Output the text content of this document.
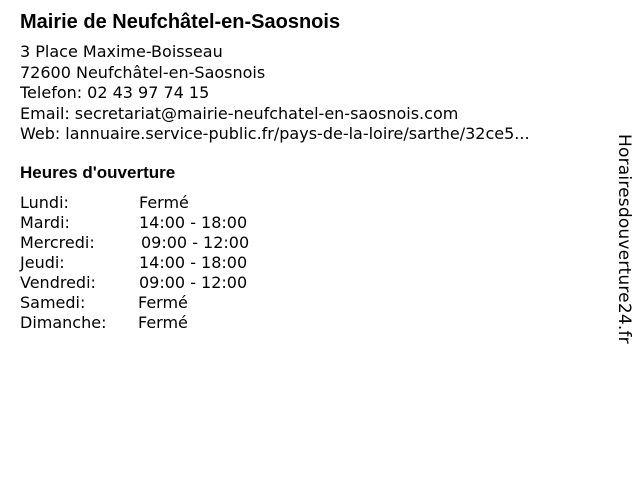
Mairie de Neufchâtel-en-Saosnois
3 Place Maxime-Boisseau
72600 Neufchâtel-en-Saosnois
Telefon: 02 43 97 74 15
Email: secretariat@mairie-neufchatel-en-saosnois.com
Web: lannuaire.service-public.fr/pays-de-la-loire/sarthe/32ce5...
Heures d'ouverture
Lundi:	Fermé
Mardi:	14:00 - 18:00
Mercredi:	09:00 - 12:00
Jeudi:	14:00 - 18:00
Vendredi:	09:00 - 12:00
Samedi:	Fermé
Dimanche: Fermé	Horairesdouverture24.fr
